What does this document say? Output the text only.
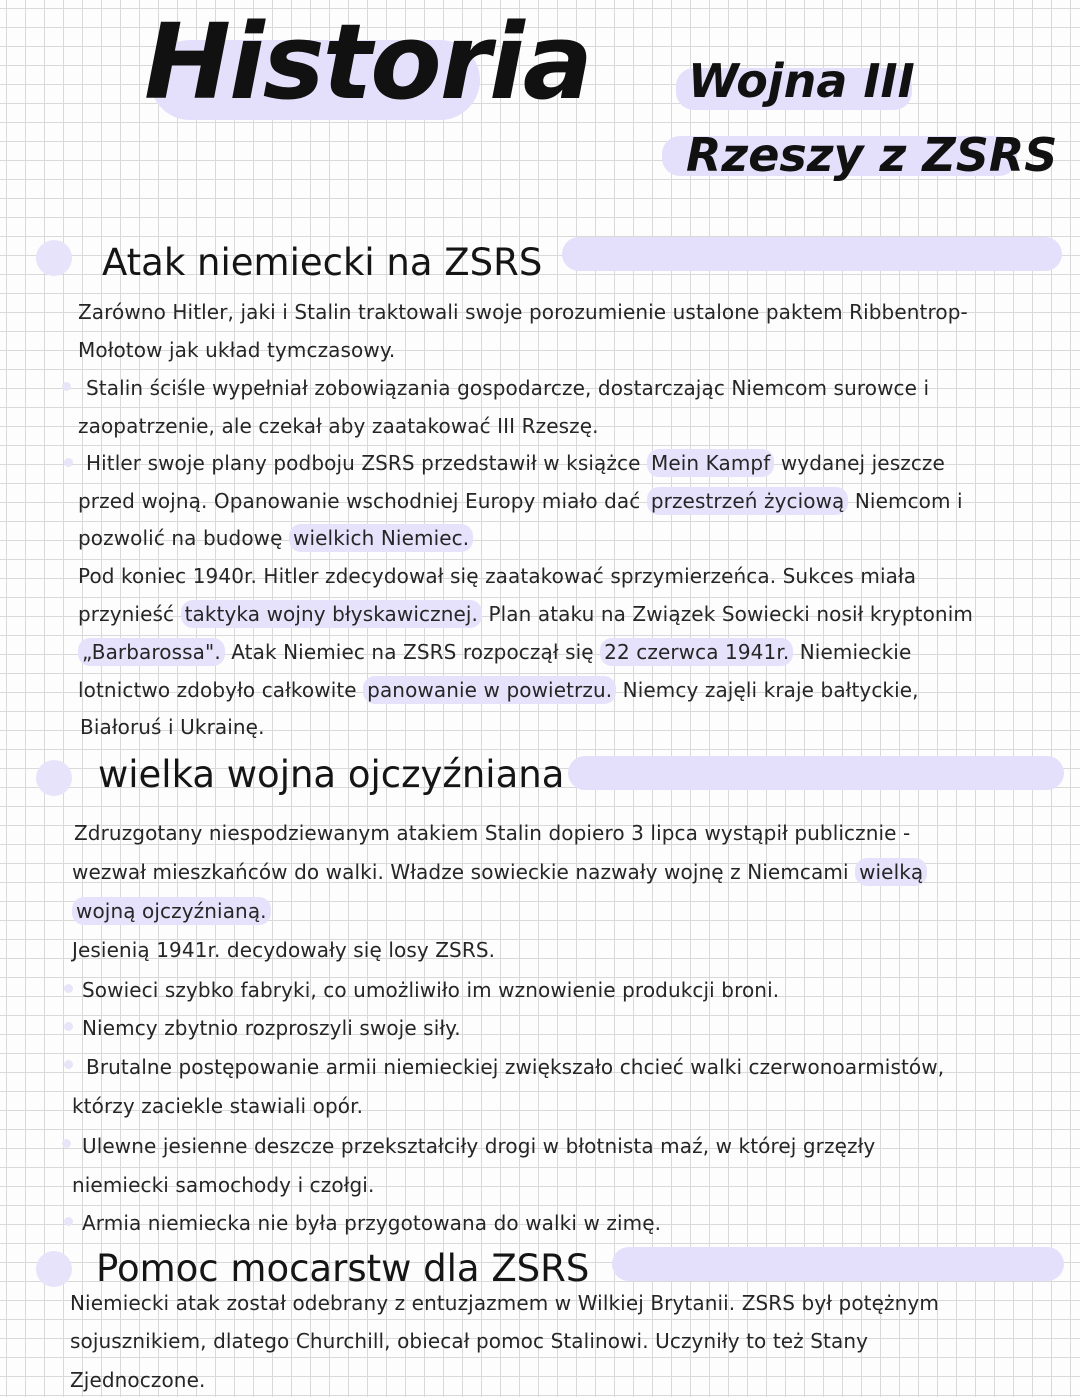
Historia Wojna III
Rzeszy z ZSRS
Atak niemiecki na ZSRS
wielka wojna ojczyźniana
Pomoc mocarstw dla ZSRS
Zarówno Hitler, jaki i Stalin traktowali swoje porozumienie ustalone paktem Ribbentrop-
Mołotow jak układ tymczasowy.
Stalin ściśle wypełniał zobowiązania gospodarcze, dostarczając Niemcom surowce i
zaopatrzenie, ale czekał aby zaatakować III Rzeszę.
Hitler swoje plany podboju ZSRS przedstawił w książce Mein Kampf wydanej jeszcze
przed wojną. Opanowanie wschodniej Europy miało dać przestrzeń życiową Niemcom i
pozwolić na budowę wielkich Niemiec.
Pod koniec 1940r. Hitler zdecydował się zaatakować sprzymierzeńca. Sukces miała
przynieść taktyka wojny błyskawicznej. Plan ataku na Związek Sowiecki nosił kryptonim
„Barbarossa". Atak Niemiec na ZSRS rozpoczął się 22 czerwca 1941r. Niemieckie
lotnictwo zdobyło całkowite panowanie w powietrzu. Niemcy zajęli kraje bałtyckie,
Białoruś i Ukrainę.
Zdruzgotany niespodziewanym atakiem Stalin dopiero 3 lipca wystąpił publicznie -
wezwał mieszkańców do walki. Władze sowieckie nazwały wojnę z Niemcami wielką
wojną ojczyźnianą.
Jesienią 1941r. decydowały się losy ZSRS.
Sowieci szybko fabryki, co umożliwiło im wznowienie produkcji broni.
Niemcy zbytnio rozproszyli swoje siły.
Brutalne postępowanie armii niemieckiej zwiększało chcieć walki czerwonoarmistów,
którzy zaciekle stawiali opór.
Ulewne jesienne deszcze przekształciły drogi w błotnista maź, w której grzęzły
niemiecki samochody i czołgi.
Armia niemiecka nie była przygotowana do walki w zimę.
Niemiecki atak został odebrany z entuzjazmem w Wilkiej Brytanii. ZSRS był potężnym
sojusznikiem, dlatego Churchill, obiecał pomoc Stalinowi. Uczyniły to też Stany
Zjednoczone.
